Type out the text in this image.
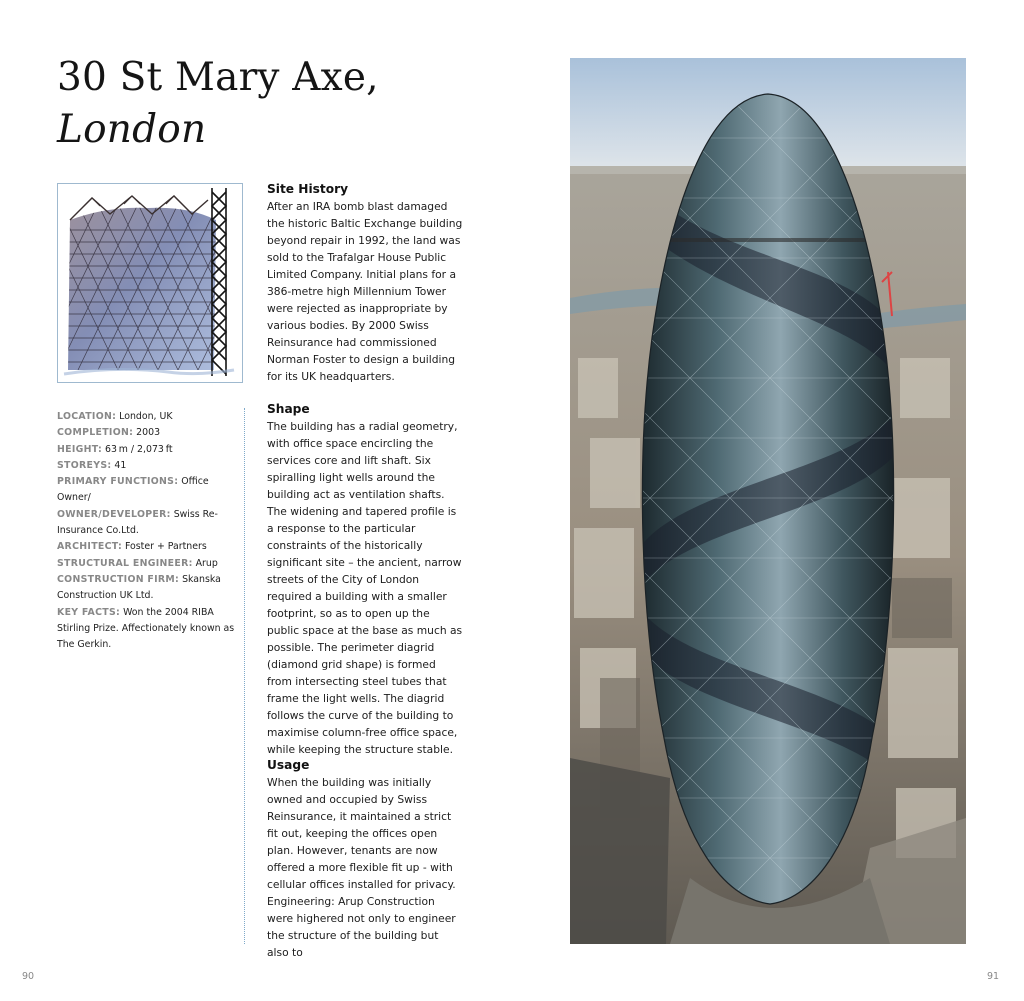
30 St Mary Axe,
London

LOCATION: London, UK

COMPLETION: 2003

HEIGHT: 63 m / 2,073 ft

STOREYS: 41

PRIMARY FUNCTIONS: Office Owner/

OWNER/DEVELOPER: Swiss Re-Insurance Co.Ltd.

ARCHITECT: Foster + Partners

STRUCTURAL ENGINEER: Arup

CONSTRUCTION FIRM: Skanska Construction UK Ltd.

KEY FACTS: Won the 2004 RIBA Stirling Prize. Affectionately known as The Gerkin.

Site History

After an IRA bomb blast damaged the historic Baltic Exchange building beyond repair in 1992, the land was sold to the Trafalgar House Public Limited Company. Initial plans for a 386-metre high Millennium Tower were rejected as inappropriate by various bodies. By 2000 Swiss Reinsurance had commissioned Norman Foster to design a building for its UK headquarters.

Shape

The building has a radial geometry, with office space encircling the services core and lift shaft. Six spiralling light wells around the building act as ventilation shafts. The widening and tapered profile is a response to the particular constraints of the historically significant site – the ancient, narrow streets of the City of London required a building with a smaller footprint, so as to open up the public space at the base as much as possible. The perimeter diagrid (diamond grid shape) is formed from intersecting steel tubes that frame the light wells. The diagrid follows the curve of the building to maximise column-free office space, while keeping the structure stable.

Usage

When the building was initially owned and occupied by Swiss Reinsurance, it maintained a strict fit out, keeping the offices open plan. However, tenants are now offered a more flexible fit up - with cellular offices installed for privacy. Engineering: Arup Construction were highered not only to engineer the structure of the building but also to

90	91
